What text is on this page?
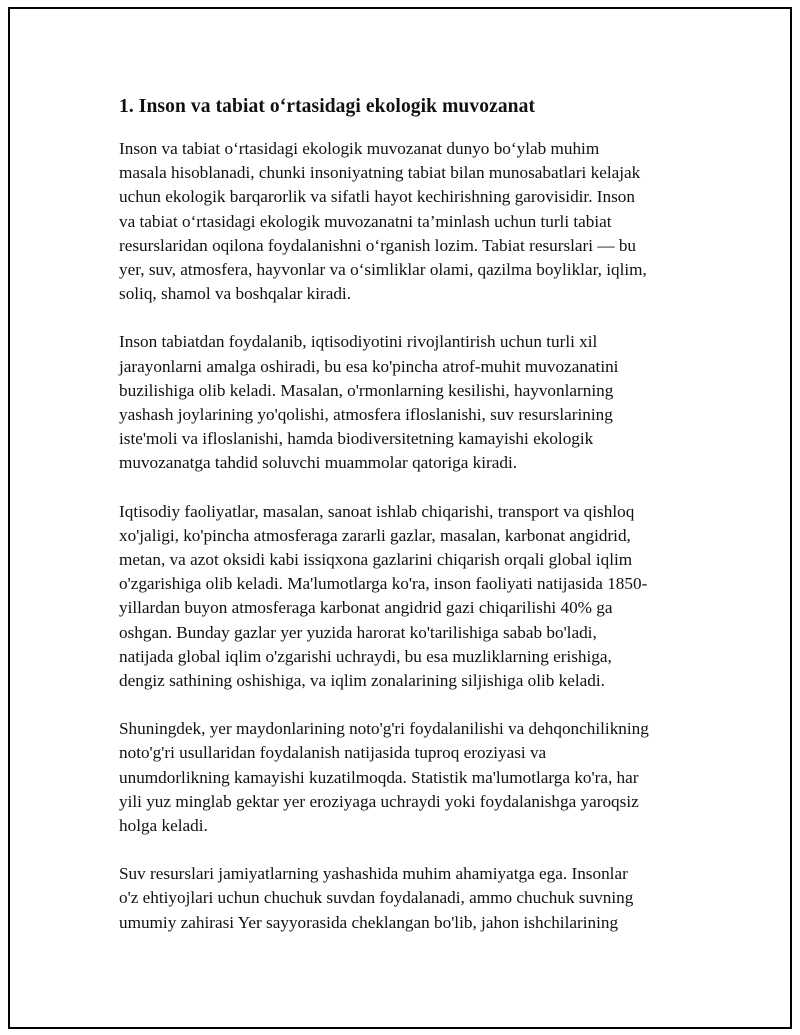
1. Inson va tabiat o‘rtasidagi ekologik muvozanat

Inson va tabiat o‘rtasidagi ekologik muvozanat dunyo bo‘ylab muhim
masala hisoblanadi, chunki insoniyatning tabiat bilan munosabatlari kelajak
uchun ekologik barqarorlik va sifatli hayot kechirishning garovisidir. Inson
va tabiat o‘rtasidagi ekologik muvozanatni ta’minlash uchun turli tabiat
resurslaridan oqilona foydalanishni o‘rganish lozim. Tabiat resurslari — bu
yer, suv, atmosfera, hayvonlar va o‘simliklar olami, qazilma boyliklar, iqlim,
soliq, shamol va boshqalar kiradi.

Inson tabiatdan foydalanib, iqtisodiyotini rivojlantirish uchun turli xil
jarayonlarni amalga oshiradi, bu esa ko'pincha atrof-muhit muvozanatini
buzilishiga olib keladi. Masalan, o'rmonlarning kesilishi, hayvonlarning
yashash joylarining yo'qolishi, atmosfera ifloslanishi, suv resurslarining
iste'moli va ifloslanishi, hamda biodiversitetning kamayishi ekologik
muvozanatga tahdid soluvchi muammolar qatoriga kiradi.

Iqtisodiy faoliyatlar, masalan, sanoat ishlab chiqarishi, transport va qishloq
xo'jaligi, ko'pincha atmosferaga zararli gazlar, masalan, karbonat angidrid,
metan, va azot oksidi kabi issiqxona gazlarini chiqarish orqali global iqlim
o'zgarishiga olib keladi. Ma'lumotlarga ko'ra, inson faoliyati natijasida 1850-
yillardan buyon atmosferaga karbonat angidrid gazi chiqarilishi 40% ga
oshgan. Bunday gazlar yer yuzida harorat ko'tarilishiga sabab bo'ladi,
natijada global iqlim o'zgarishi uchraydi, bu esa muzliklarning erishiga,
dengiz sathining oshishiga, va iqlim zonalarining siljishiga olib keladi.

Shuningdek, yer maydonlarining noto'g'ri foydalanilishi va dehqonchilikning
noto'g'ri usullaridan foydalanish natijasida tuproq eroziyasi va
unumdorlikning kamayishi kuzatilmoqda. Statistik ma'lumotlarga ko'ra, har
yili yuz minglab gektar yer eroziyaga uchraydi yoki foydalanishga yaroqsiz
holga keladi.

Suv resurslari jamiyatlarning yashashida muhim ahamiyatga ega. Insonlar
o'z ehtiyojlari uchun chuchuk suvdan foydalanadi, ammo chuchuk suvning
umumiy zahirasi Yer sayyorasida cheklangan bo'lib, jahon ishchilarining
